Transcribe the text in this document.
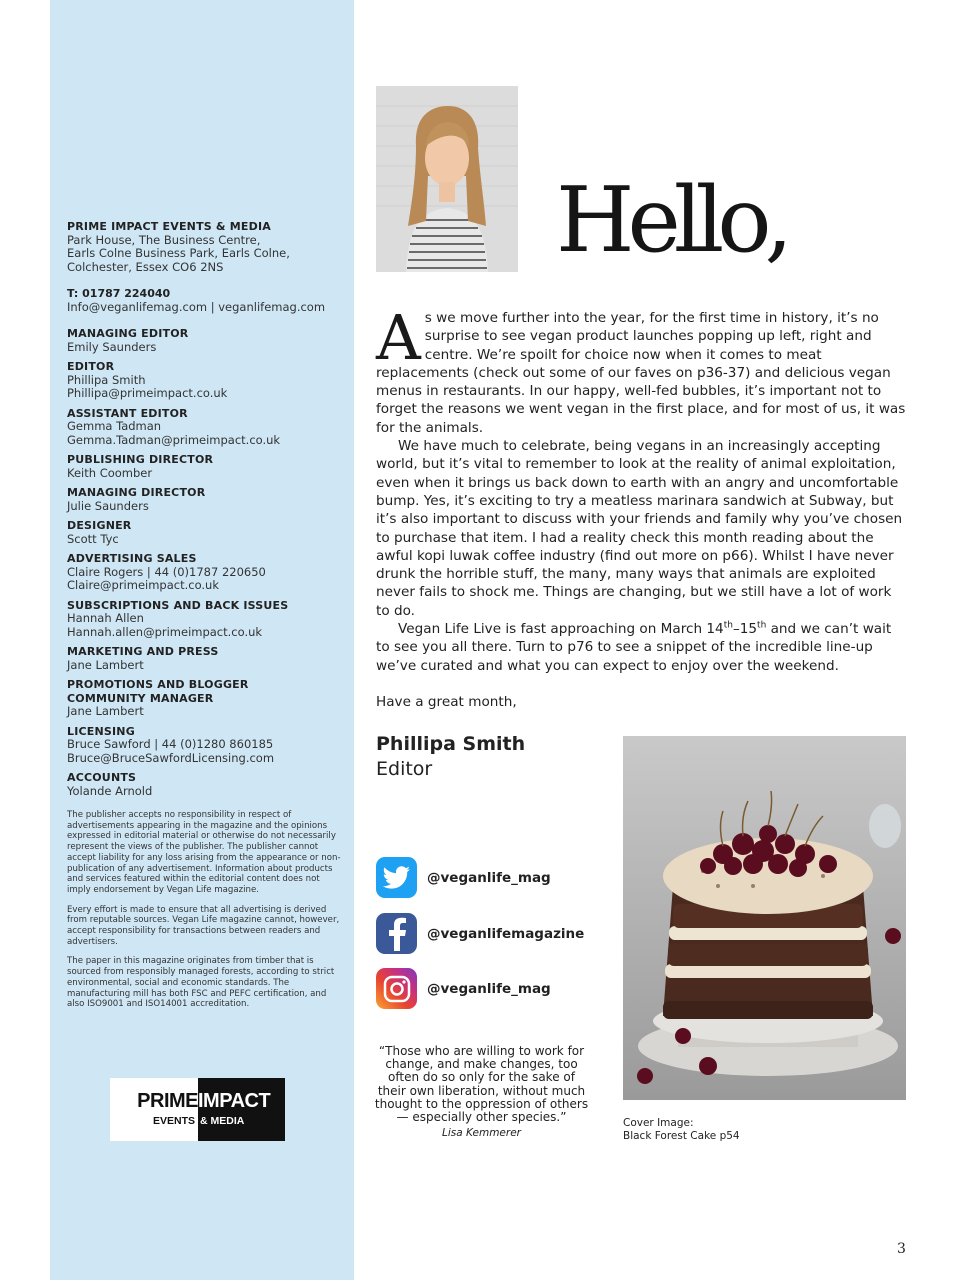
PRIME IMPACT EVENTS & MEDIA
Park House, The Business Centre,
Earls Colne Business Park, Earls Colne,
Colchester, Essex CO6 2NS
T: 01787 224040
Info@veganlifemag.com | veganlifemag.com
MANAGING EDITOR
Emily Saunders
EDITOR
Phillipa Smith
Phillipa@primeimpact.co.uk
ASSISTANT EDITOR
Gemma Tadman
Gemma.Tadman@primeimpact.co.uk
PUBLISHING DIRECTOR
Keith Coomber
MANAGING DIRECTOR
Julie Saunders
DESIGNER
Scott Tyc
ADVERTISING SALES
Claire Rogers | 44 (0)1787 220650
Claire@primeimpact.co.uk
SUBSCRIPTIONS AND BACK ISSUES
Hannah Allen
Hannah.allen@primeimpact.co.uk
MARKETING AND PRESS
Jane Lambert
PROMOTIONS AND BLOGGER
COMMUNITY MANAGER
Jane Lambert
LICENSING
Bruce Sawford | 44 (0)1280 860185
Bruce@BruceSawfordLicensing.com
ACCOUNTS
Yolande Arnold

The publisher accepts no responsibility in respect of advertisements appearing in the magazine and the opinions expressed in editorial material or otherwise do not necessarily represent the views of the publisher. The publisher cannot accept liability for any loss arising from the appearance or non-publication of any advertisement. Information about products and services featured within the editorial content does not imply endorsement by Vegan Life magazine.

Every effort is made to ensure that all advertising is derived from reputable sources. Vegan Life magazine cannot, however, accept responsibility for transactions between readers and advertisers.

The paper in this magazine originates from timber that is sourced from responsibly managed forests, according to strict environmental, social and economic standards. The manufacturing mill has both FSC and PEFC certification, and also ISO9001 and ISO14001 accreditation.

PRIME
EVENTS
IMPACT
& MEDIA
Hello,

As we move further into the year, for the first time in history, it’s no surprise to see vegan product launches popping up left, right and centre. We’re spoilt for choice now when it comes to meat replacements (check out some of our faves on p36-37) and delicious vegan menus in restaurants. In our happy, well-fed bubbles, it’s important not to forget the reasons we went vegan in the first place, and for most of us, it was for the animals.

We have much to celebrate, being vegans in an increasingly accepting world, but it’s vital to remember to look at the reality of animal exploitation, even when it brings us back down to earth with an angry and uncomfortable bump. Yes, it’s exciting to try a meatless marinara sandwich at Subway, but it’s also important to discuss with your friends and family why you’ve chosen to purchase that item. I had a reality check this month reading about the awful kopi luwak coffee industry (find out more on p66). Whilst I have never drunk the horrible stuff, the many, many ways that animals are exploited never fails to shock me. Things are changing, but we still have a lot of work to do.

Vegan Life Live is fast approaching on March 14th–15th and we can’t wait to see you all there. Turn to p76 to see a snippet of the incredible line-up we’ve curated and what you can expect to enjoy over the weekend.

Have a great month,

Phillipa Smith
Editor
@veganlife_mag
@veganlifemagazine
@veganlife_mag
“Those who are willing to work for change, and make changes, too often do so only for the sake of their own liberation, without much thought to the oppression of others — especially other species.”
Lisa Kemmerer
Cover Image:
Black Forest Cake p54
3
